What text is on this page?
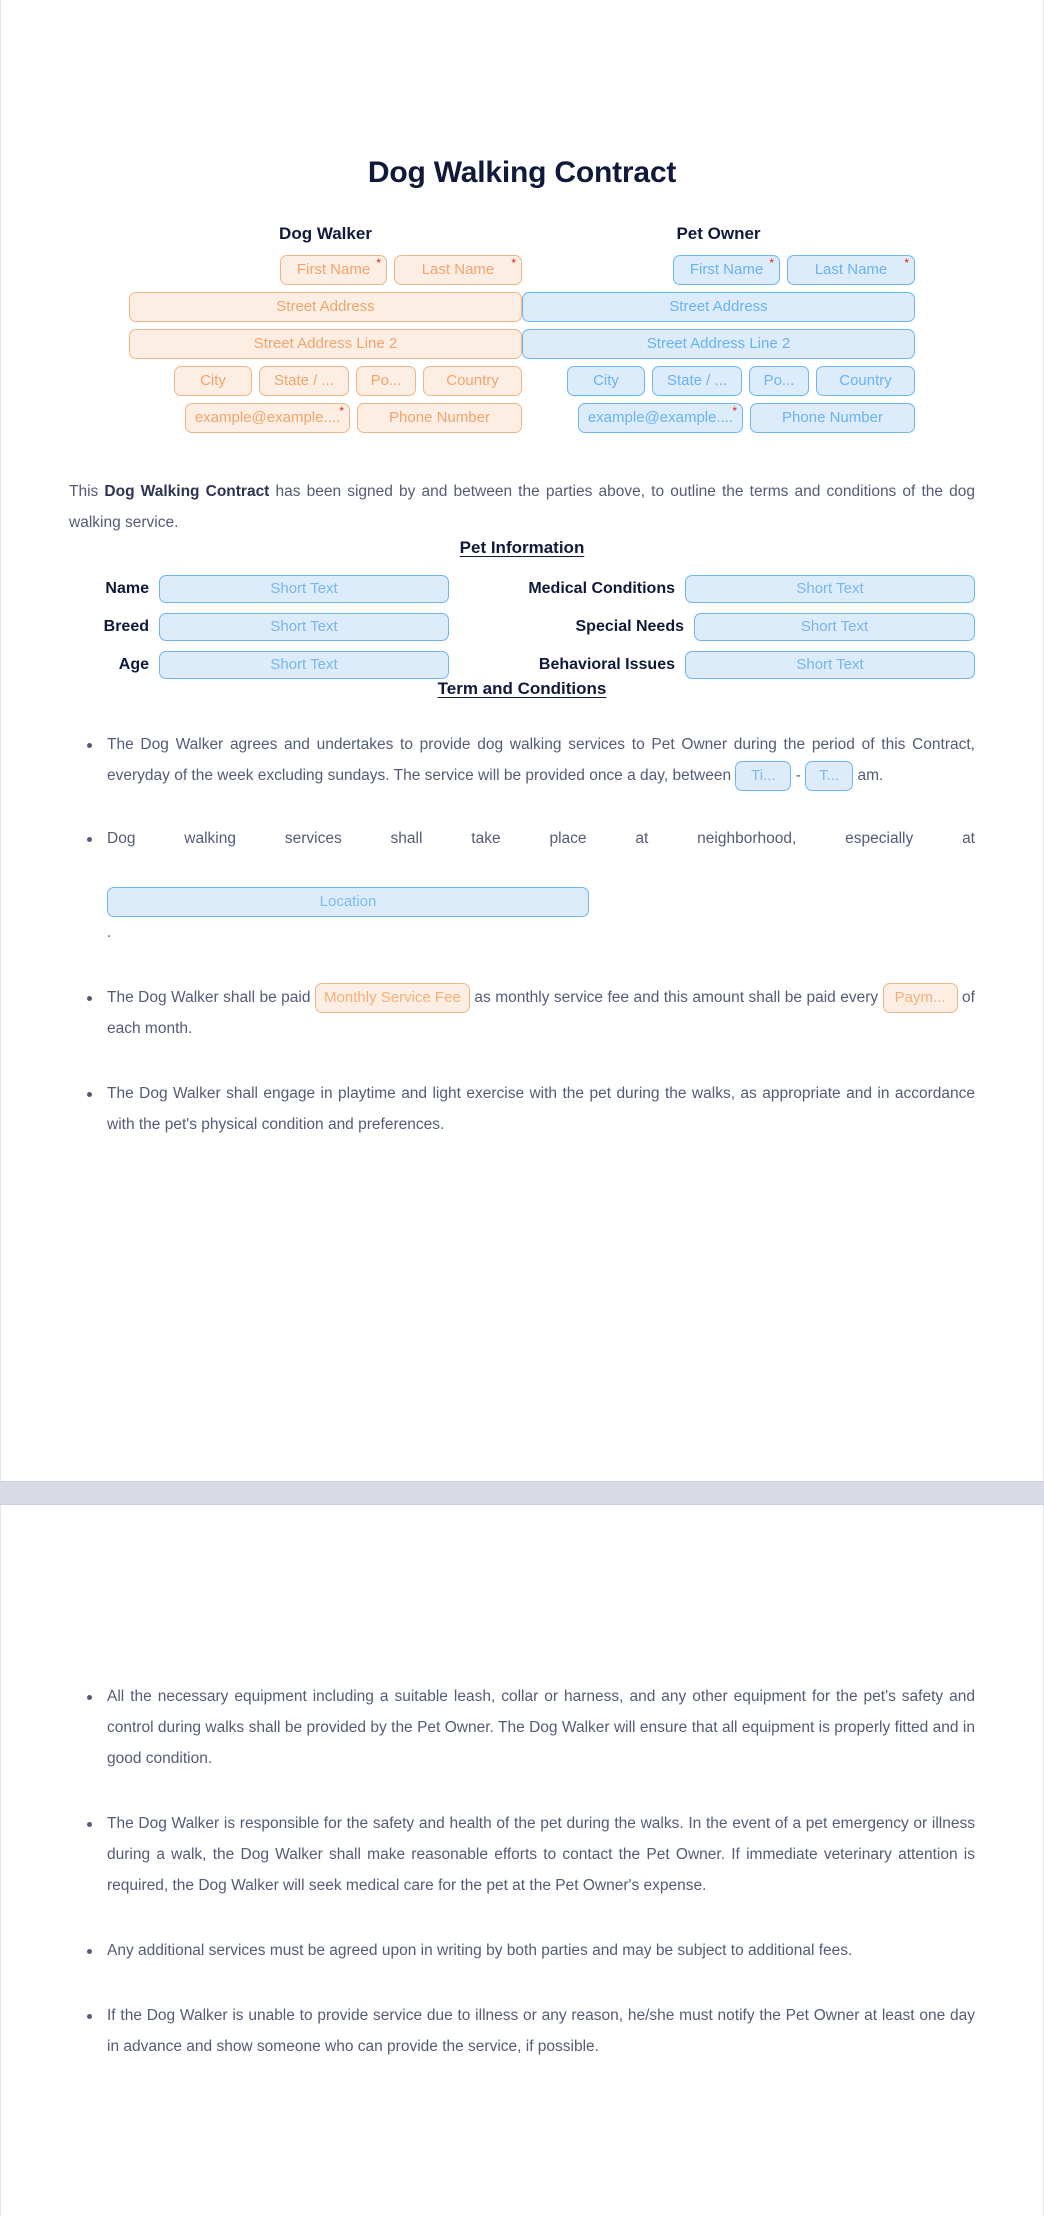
Dog Walking Contract
Dog Walker
First Name *	Last Name *
Street Address
Street Address Line 2
City	State / ...	Po...	Country
example@example.... *	Phone Number
Pet Owner
First Name *	Last Name *
Street Address
Street Address Line 2
City	State / ...	Po...	Country
example@example.... *	Phone Number

This Dog Walking Contract has been signed by and between the parties above, to outline the terms and conditions of the dog walking service.

Pet Information
Name	Short Text
Breed	Short Text
Age	Short Text
Medical Conditions	Short Text
Special Needs	Short Text
Behavioral Issues	Short Text
Term and Conditions
The Dog Walker agrees and undertakes to provide dog walking services to Pet Owner during the period of this Contract, everyday of the week excluding sundays. The service will be provided once a day, between Ti... - T... am.
Dog walking services shall take place at neighborhood, especially at
Location
.
The Dog Walker shall be paid Monthly Service Fee as monthly service fee and this amount shall be paid every Paym... of each month.
The Dog Walker shall engage in playtime and light exercise with the pet during the walks, as appropriate and in accordance with the pet's physical condition and preferences.
All the necessary equipment including a suitable leash, collar or harness, and any other equipment for the pet's safety and control during walks shall be provided by the Pet Owner. The Dog Walker will ensure that all equipment is properly fitted and in good condition.
The Dog Walker is responsible for the safety and health of the pet during the walks. In the event of a pet emergency or illness during a walk, the Dog Walker shall make reasonable efforts to contact the Pet Owner. If immediate veterinary attention is required, the Dog Walker will seek medical care for the pet at the Pet Owner's expense.
Any additional services must be agreed upon in writing by both parties and may be subject to additional fees.
If the Dog Walker is unable to provide service due to illness or any reason, he/she must notify the Pet Owner at least one day in advance and show someone who can provide the service, if possible.
